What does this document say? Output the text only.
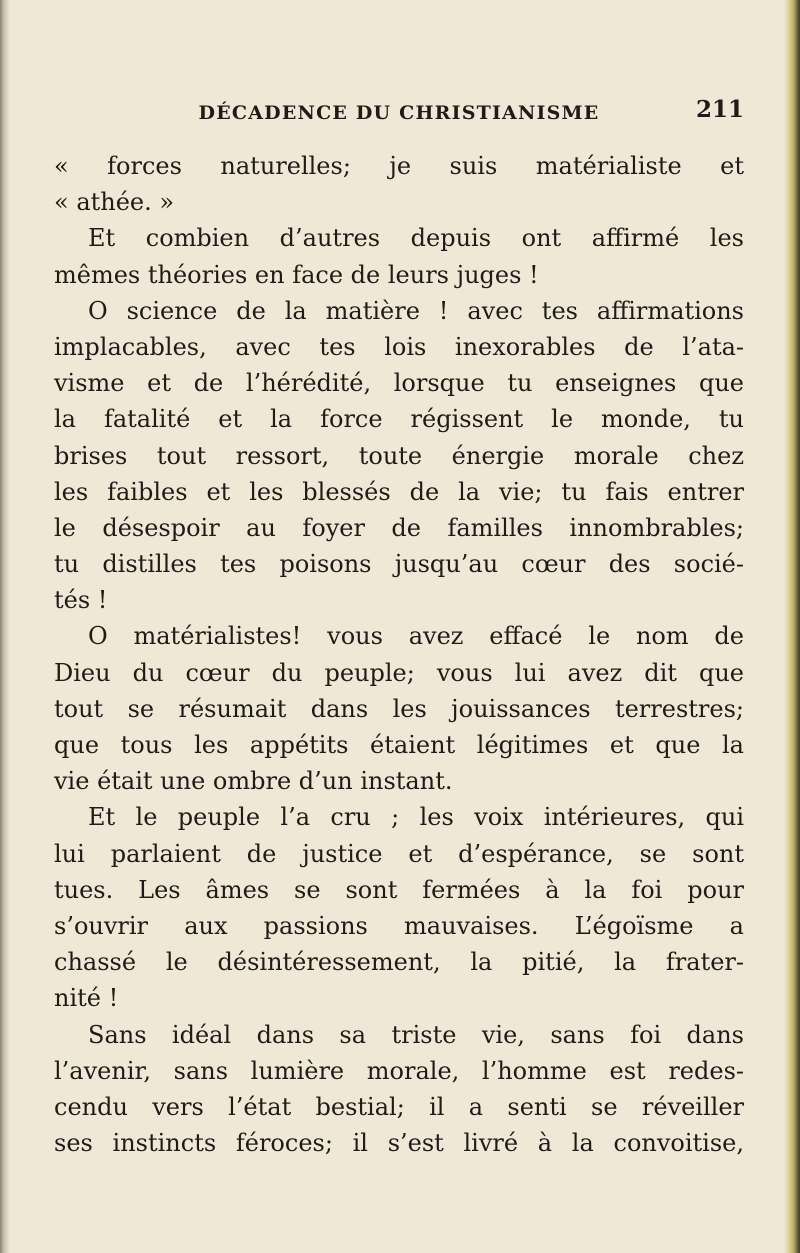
DÉCADENCE DU CHRISTIANISME	211
« forces naturelles; je suis matérialiste et
« athée. »
Et combien d’autres depuis ont affirmé les
mêmes théories en face de leurs juges !
O science de la matière ! avec tes affirmations
implacables, avec tes lois inexorables de l’ata-
visme et de l’hérédité, lorsque tu enseignes que
la fatalité et la force régissent le monde, tu
brises tout ressort, toute énergie morale chez
les faibles et les blessés de la vie; tu fais entrer
le désespoir au foyer de familles innombrables;
tu distilles tes poisons jusqu’au cœur des socié-
tés !
O matérialistes! vous avez effacé le nom de
Dieu du cœur du peuple; vous lui avez dit que
tout se résumait dans les jouissances terrestres;
que tous les appétits étaient légitimes et que la
vie était une ombre d’un instant.
Et le peuple l’a cru ; les voix intérieures, qui
lui parlaient de justice et d’espérance, se sont
tues. Les âmes se sont fermées à la foi pour
s’ouvrir aux passions mauvaises. L’égoïsme a
chassé le désintéressement, la pitié, la frater-
nité !
Sans idéal dans sa triste vie, sans foi dans
l’avenir, sans lumière morale, l’homme est redes-
cendu vers l’état bestial; il a senti se réveiller
ses instincts féroces; il s’est livré à la convoitise,
